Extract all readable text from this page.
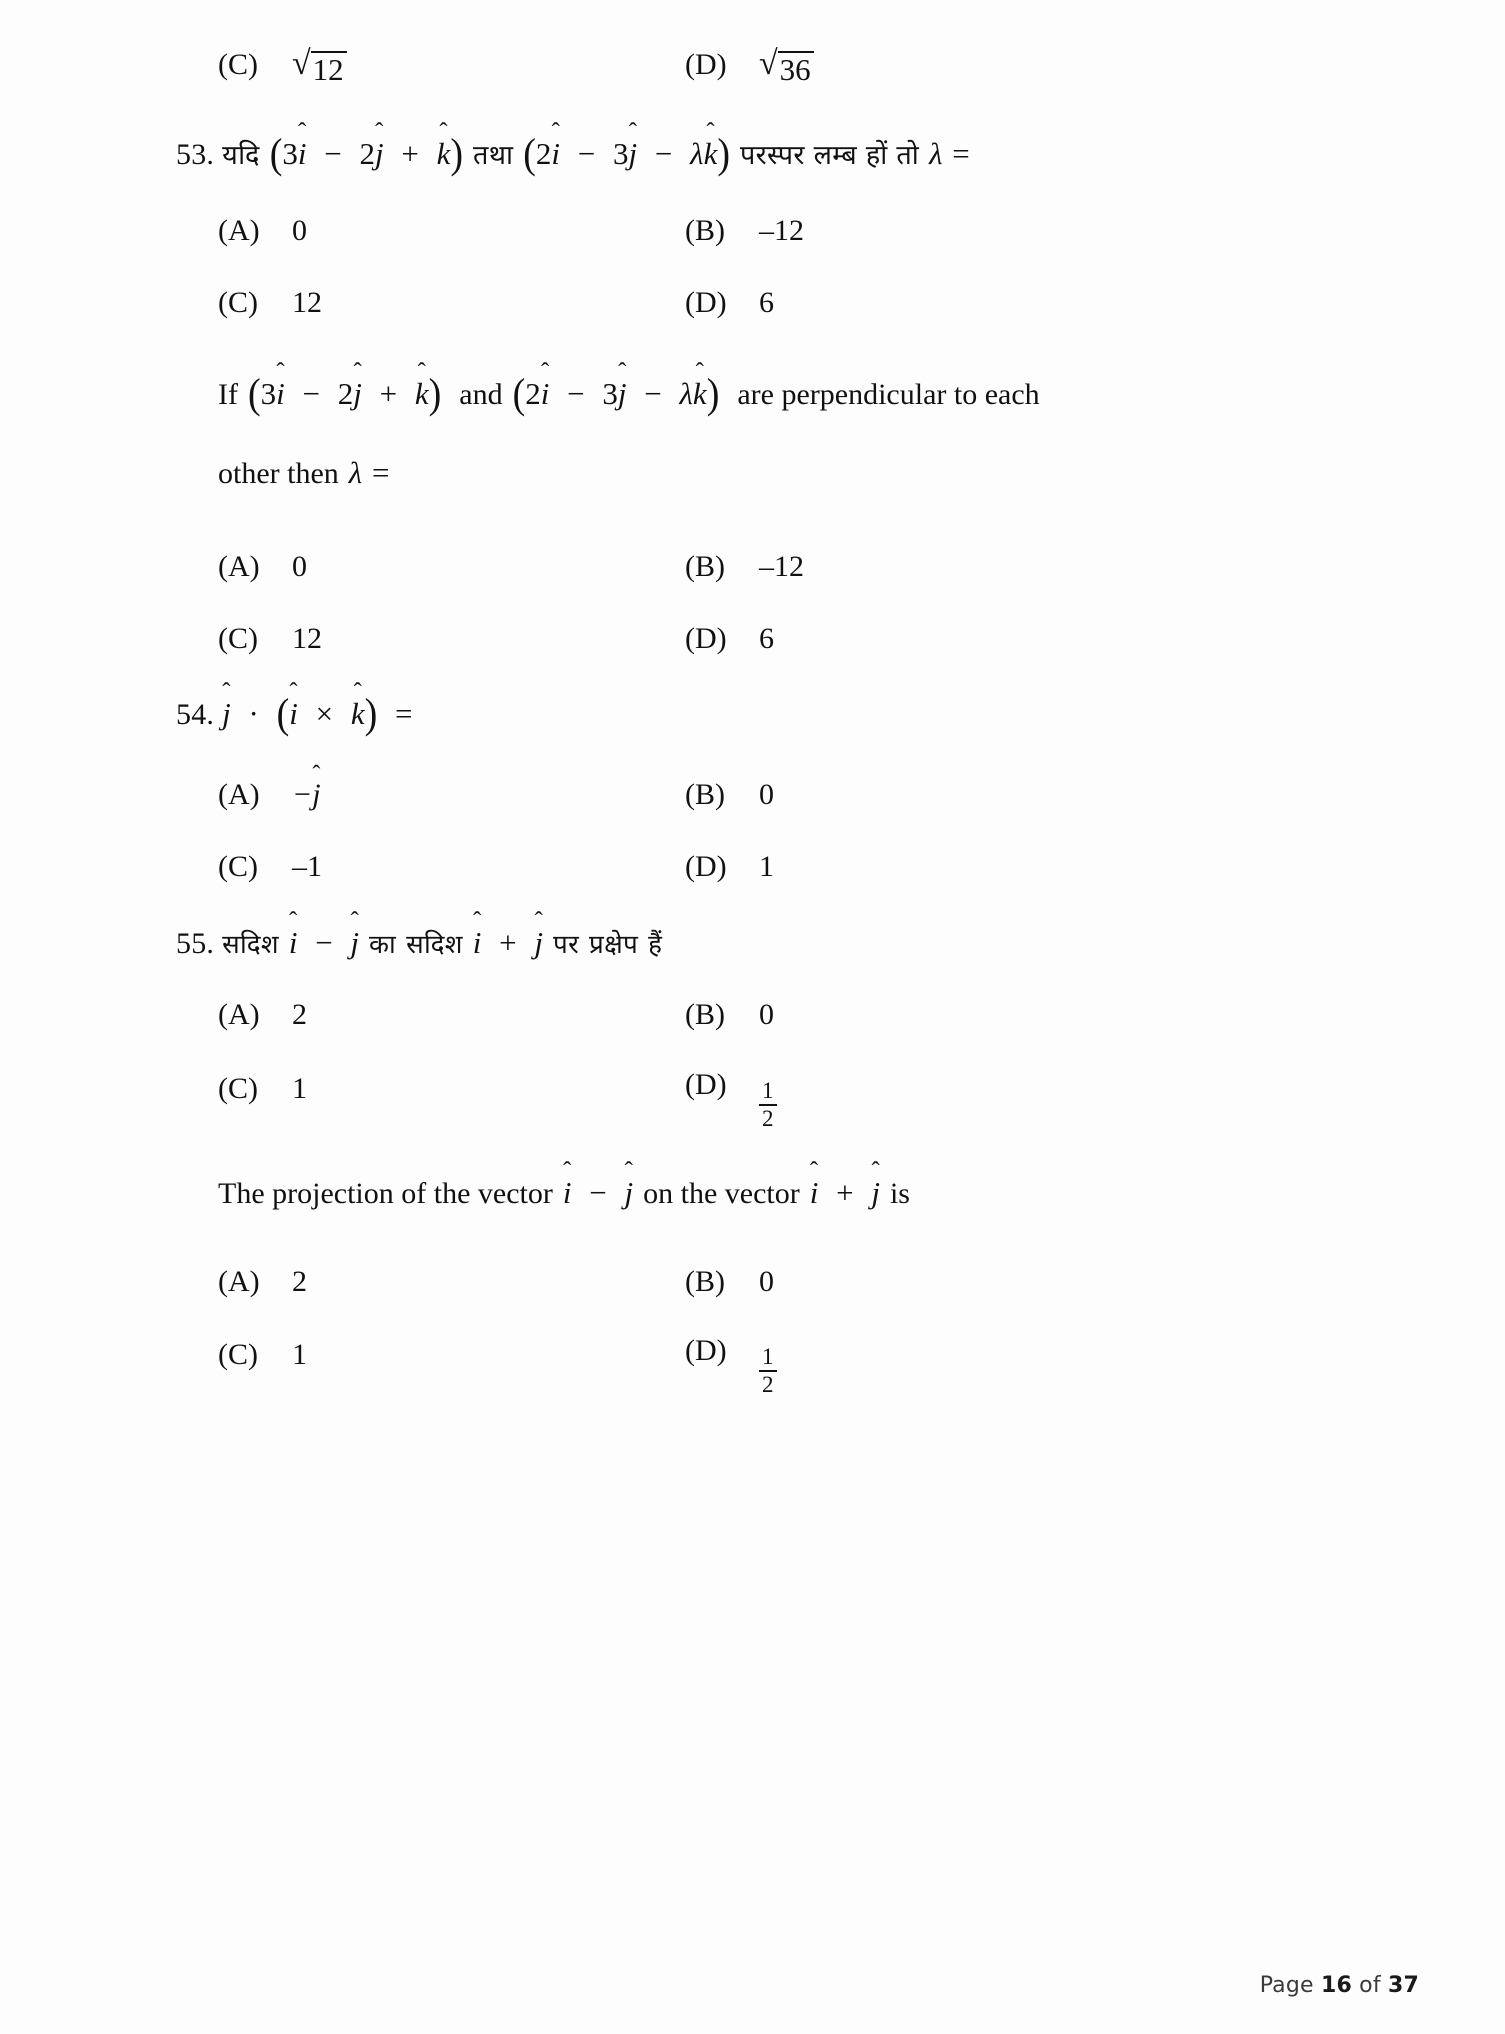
(C)	√ 12	(D) √ 36
53. यदि (3i − 2j + k
) तथा (2i − 3j − λk
) परस्पर लम्ब हों तो λ =
(A)	0	(B)	–12
(C)	12	(D)	6
If (3i − 2j + k
) and (2i − 3j − λk
) are perpendicular to each
other then λ =
(A)	0	(B)	–12
(C)	12	(D)	6
54. j · (i × k
) =
(A)	−j	(B)	0
(C)	–1	(D)	1
55. सदिश i − j का सदिश i + j पर प्रक्षेप हैं
(A)	2	(B)	0
(C)	1	(D)	$\frac{1}{2}$
The projection of the vector i − j on the vector i + j is
(A)	2	(B)	0
(C)	1	(D)	$\frac{1}{2}$
Page 16 of 37
